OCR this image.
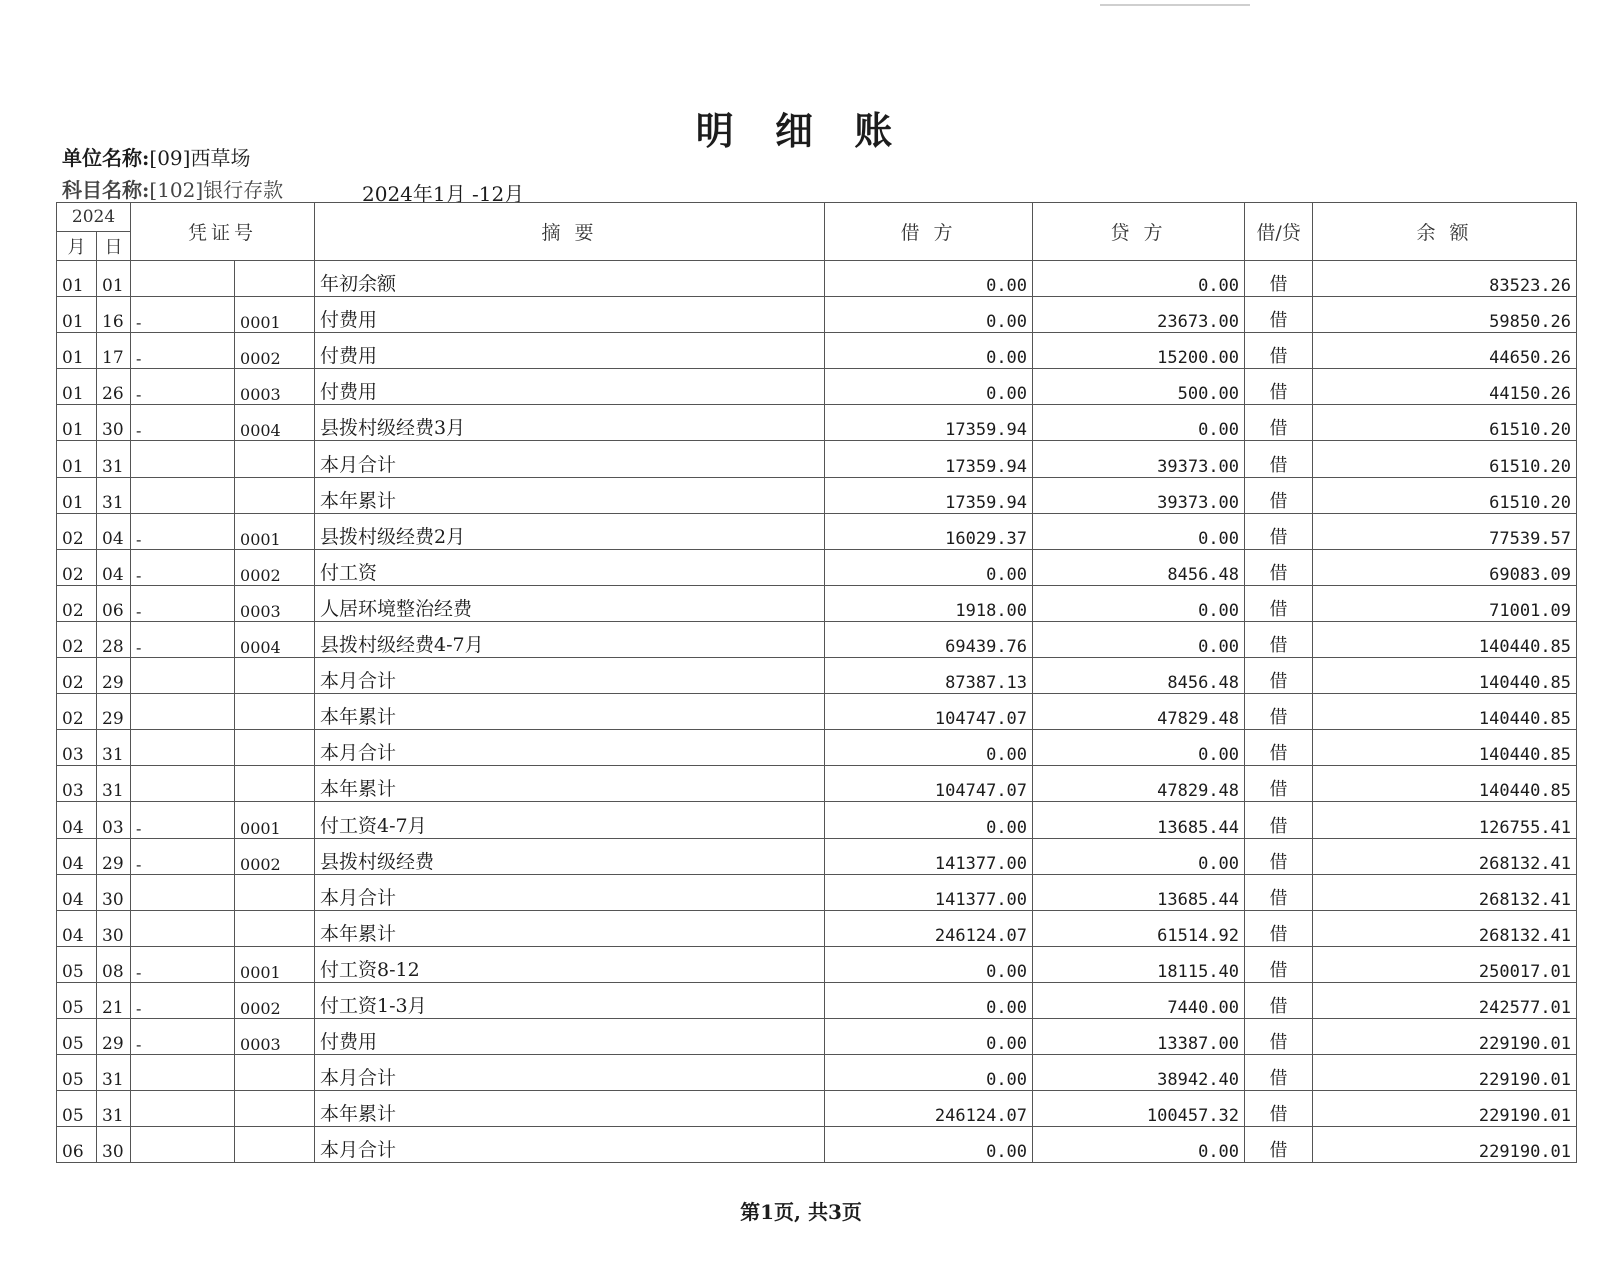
明 细 账
单位名称:[09]西草场
科目名称:[102]银行存款	2024年1月 -12月
2024		凭证号		摘 要	借 方	贷 方	借/贷	余 额
月	日							
01	01			年初余额	0.00	0.00	借	83523.26
01	16	-	0001	付费用	0.00	23673.00	借	59850.26
01	17	-	0002	付费用	0.00	15200.00	借	44650.26
01	26	-	0003	付费用	0.00	500.00	借	44150.26
01	30	-	0004	县拨村级经费3月	17359.94	0.00	借	61510.20
01	31			本月合计	17359.94	39373.00	借	61510.20
01	31			本年累计	17359.94	39373.00	借	61510.20
02	04	-	0001	县拨村级经费2月	16029.37	0.00	借	77539.57
02	04	-	0002	付工资	0.00	8456.48	借	69083.09
02	06	-	0003	人居环境整治经费	1918.00	0.00	借	71001.09
02	28	-	0004	县拨村级经费4-7月	69439.76	0.00	借	140440.85
02	29			本月合计	87387.13	8456.48	借	140440.85
02	29			本年累计	104747.07	47829.48	借	140440.85
03	31			本月合计	0.00	0.00	借	140440.85
03	31			本年累计	104747.07	47829.48	借	140440.85
04	03	-	0001	付工资4-7月	0.00	13685.44	借	126755.41
04	29	-	0002	县拨村级经费	141377.00	0.00	借	268132.41
04	30			本月合计	141377.00	13685.44	借	268132.41
04	30			本年累计	246124.07	61514.92	借	268132.41
05	08	-	0001	付工资8-12	0.00	18115.40	借	250017.01
05	21	-	0002	付工资1-3月	0.00	7440.00	借	242577.01
05	29	-	0003	付费用	0.00	13387.00	借	229190.01
05	31			本月合计	0.00	38942.40	借	229190.01
05	31			本年累计	246124.07	100457.32	借	229190.01
06	30			本月合计	0.00	0.00	借	229190.01
第1页, 共3页
